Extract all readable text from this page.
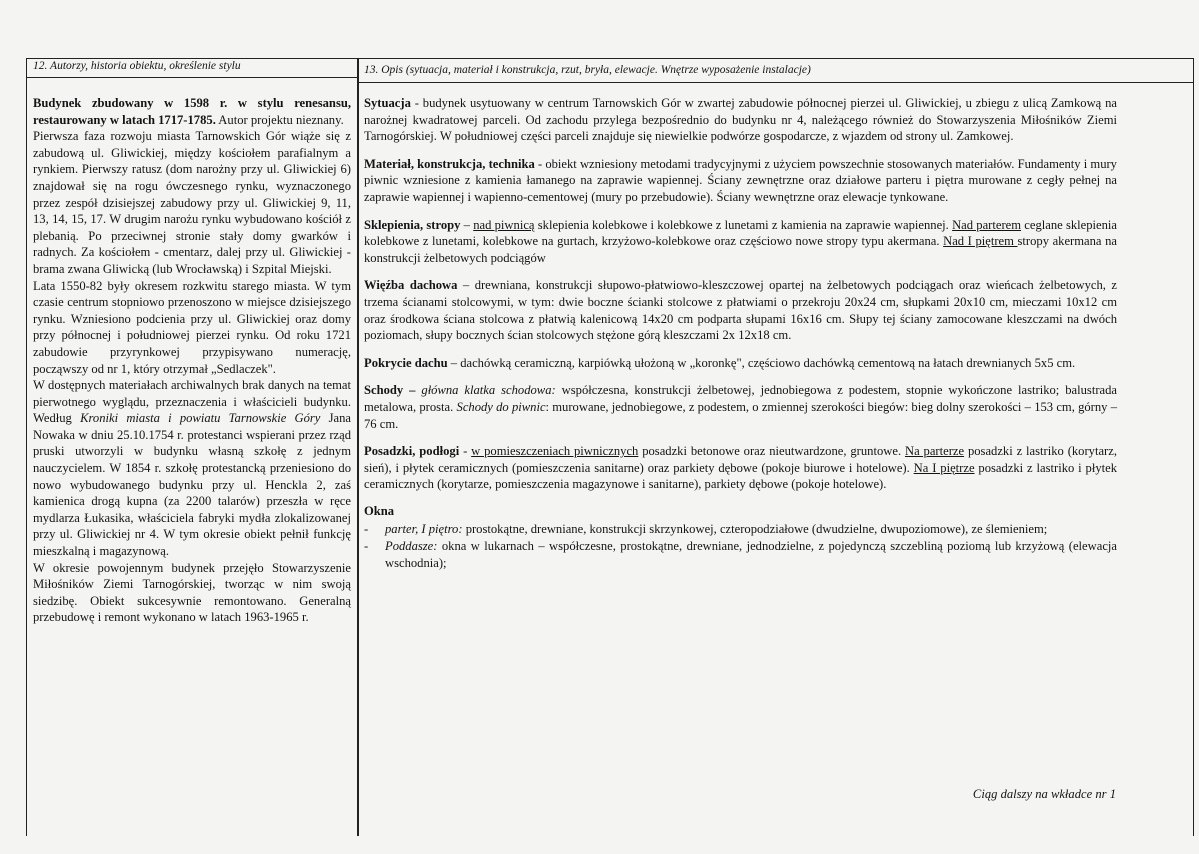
12. Autorzy, historia obiektu, określenie stylu	13. Opis (sytuacja, materiał i konstrukcja, rzut, bryła, elewacje. Wnętrze wyposażenie instalacje)

Budynek zbudowany w 1598 r. w stylu renesansu, restaurowany w latach 1717-1785. Autor projektu nieznany.

Pierwsza faza rozwoju miasta Tarnowskich Gór wiąże się z zabudową ul. Gliwickiej, między kościołem parafialnym a rynkiem. Pierwszy ratusz (dom narożny przy ul. Gliwickiej 6) znajdował się na rogu ówczesnego rynku, wyznaczonego przez zespół dzisiejszej zabudowy przy ul. Gliwickiej 9, 11, 13, 14, 15, 17. W drugim narożu rynku wybudowano kościół z plebanią. Po przeciwnej stronie stały domy gwarków i radnych. Za kościołem - cmentarz, dalej przy ul. Gliwickiej - brama zwana Gliwicką (lub Wrocławską) i Szpital Miejski.

Lata 1550-82 były okresem rozkwitu starego miasta. W tym czasie centrum stopniowo przenoszono w miejsce dzisiejszego rynku. Wzniesiono podcienia przy ul. Gliwickiej oraz domy przy północnej i południowej pierzei rynku. Od roku 1721 zabudowie przyrynkowej przypisywano numerację, począwszy od nr 1, który otrzymał „Sedlaczek".

W dostępnych materiałach archiwalnych brak danych na temat pierwotnego wyglądu, przeznaczenia i właścicieli budynku. Według Kroniki miasta i powiatu Tarnowskie Góry Jana Nowaka w dniu 25.10.1754 r. protestanci wspierani przez rząd pruski utworzyli w budynku własną szkołę z jednym nauczycielem. W 1854 r. szkołę protestancką przeniesiono do nowo wybudowanego budynku przy ul. Henckla 2, zaś kamienica drogą kupna (za 2200 talarów) przeszła w ręce mydlarza Łukasika, właściciela fabryki mydła zlokalizowanej przy ul. Gliwickiej nr 4. W tym okresie obiekt pełnił funkcję mieszkalną i magazynową.

W okresie powojennym budynek przejęło Stowarzyszenie Miłośników Ziemi Tarnogórskiej, tworząc w nim swoją siedzibę. Obiekt sukcesywnie remontowano. Generalną przebudowę i remont wykonano w latach 1963-1965 r.

Sytuacja - budynek usytuowany w centrum Tarnowskich Gór w zwartej zabudowie północnej pierzei ul. Gliwickiej, u zbiegu z ulicą Zamkową na narożnej kwadratowej parceli. Od zachodu przylega bezpośrednio do budynku nr 4, należącego również do Stowarzyszenia Miłośników Ziemi Tarnogórskiej. W południowej części parceli znajduje się niewielkie podwórze gospodarcze, z wjazdem od strony ul. Zamkowej.

Materiał, konstrukcja, technika - obiekt wzniesiony metodami tradycyjnymi z użyciem powszechnie stosowanych materiałów. Fundamenty i mury piwnic wzniesione z kamienia łamanego na zaprawie wapiennej. Ściany zewnętrzne oraz działowe parteru i piętra murowane z cegły pełnej na zaprawie wapiennej i wapienno-cementowej (mury po przebudowie). Ściany wewnętrzne oraz elewacje tynkowane.

Sklepienia, stropy – nad piwnicą sklepienia kolebkowe i kolebkowe z lunetami z kamienia na zaprawie wapiennej. Nad parterem ceglane sklepienia kolebkowe z lunetami, kolebkowe na gurtach, krzyżowo-kolebkowe oraz częściowo nowe stropy typu akermana. Nad I piętrem stropy akermana na konstrukcji żelbetowych podciągów

Więźba dachowa – drewniana, konstrukcji słupowo-płatwiowo-kleszczowej opartej na żelbetowych podciągach oraz wieńcach żelbetowych, z trzema ścianami stolcowymi, w tym: dwie boczne ścianki stolcowe z płatwiami o przekroju 20x24 cm, słupkami 20x10 cm, mieczami 10x12 cm oraz środkowa ściana stolcowa z płatwią kalenicową 14x20 cm podparta słupami 16x16 cm. Słupy tej ściany zamocowane kleszczami na dwóch poziomach, słupy bocznych ścian stolcowych stężone górą kleszczami 2x 12x18 cm.

Pokrycie dachu – dachówką ceramiczną, karpiówką ułożoną w „koronkę", częściowo dachówką cementową na łatach drewnianych 5x5 cm.

Schody – główna klatka schodowa: współczesna, konstrukcji żelbetowej, jednobiegowa z podestem, stopnie wykończone lastriko; balustrada metalowa, prosta. Schody do piwnic: murowane, jednobiegowe, z podestem, o zmiennej szerokości biegów: bieg dolny szerokości – 153 cm, górny – 76 cm.

Posadzki, podłogi - w pomieszczeniach piwnicznych posadzki betonowe oraz nieutwardzone, gruntowe. Na parterze posadzki z lastriko (korytarz, sień), i płytek ceramicznych (pomieszczenia sanitarne) oraz parkiety dębowe (pokoje biurowe i hotelowe). Na I piętrze posadzki z lastriko i płytek ceramicznych (korytarze, pomieszczenia magazynowe i sanitarne), parkiety dębowe (pokoje hotelowe).

Okna
- parter, I piętro: prostokątne, drewniane, konstrukcji skrzynkowej, czteropodziałowe (dwudzielne, dwupoziomowe), ze ślemieniem;
- Poddasze: okna w lukarnach – współczesne, prostokątne, drewniane, jednodzielne, z pojedynczą szczebliną poziomą lub krzyżową (elewacja wschodnia);
Ciąg dalszy na wkładce nr 1
